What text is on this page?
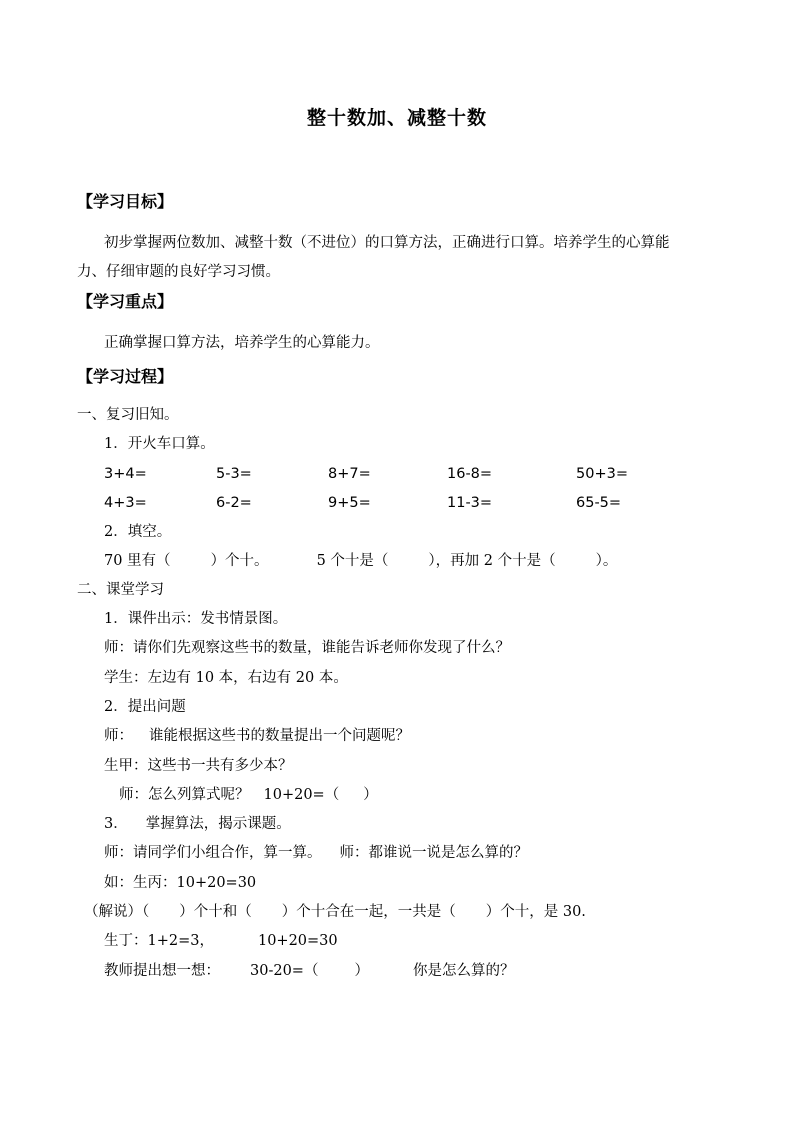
整十数加、减整十数
【学习目标】
初步掌握两位数加、减整十数（不进位）的口算方法，正确进行口算。培养学生的心算能
力、仔细审题的良好学习习惯。
【学习重点】
正确掌握口算方法，培养学生的心算能力。
【学习过程】
一、复习旧知。
1．开火车口算。
3+4=	5-3=	8+7=	16-8=	50+3=
4+3=	6-2=	9+5=	11-3=	65-5=
2．填空。
70 里有（	）个十。	5 个十是（	），再加 2 个十是（	）。
二、课堂学习
1．课件出示：发书情景图。
师：请你们先观察这些书的数量，谁能告诉老师你发现了什么？
学生：左边有 10 本，右边有 20 本。
2．提出问题
师： 谁能根据这些书的数量提出一个问题呢？
生甲：这些书一共有多少本？
师：怎么列算式呢？ 10+20=（ ）
3． 掌握算法，揭示课题。
师：请同学们小组合作，算一算。 师：都谁说一说是怎么算的？
如：生丙：10+20=30
（解说）（ ）个十和（ ）个十合在一起，一共是（ ）个十，是 30.
生丁：1+2=3，	10+20=30
教师提出想一想： 30-20=（ ）	你是怎么算的？
